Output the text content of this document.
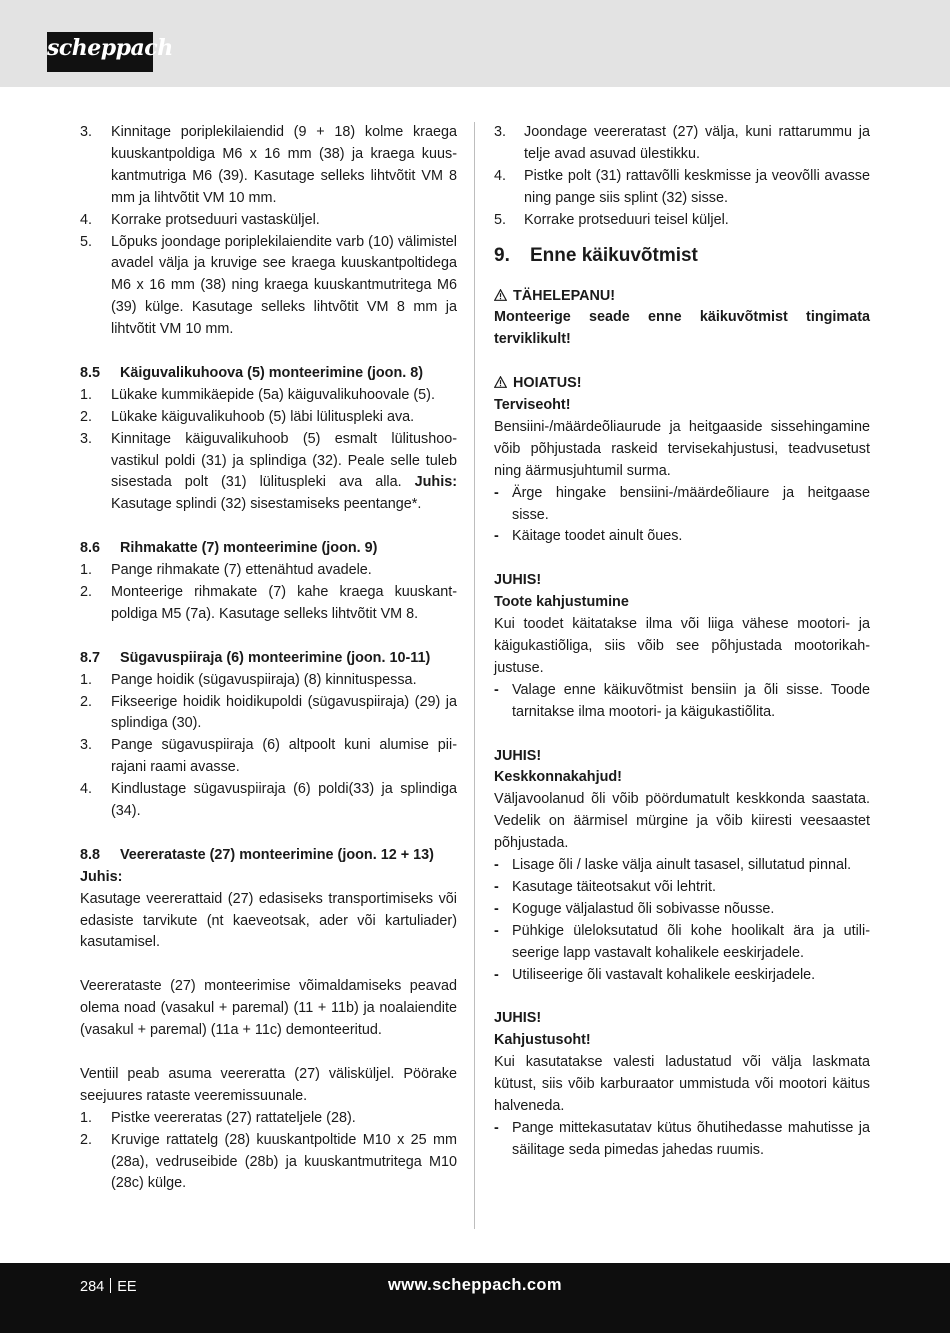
scheppach
3.	Kinnitage poriplekilaiendid (9 + 18) kolme kraega kuuskantpoldiga M6 x 16 mm (38) ja kraega kuuskantmutriga M6 (39). Kasutage selleks lihtvõtit VM 8 mm ja lihtvõtit VM 10 mm.
4.	Korrake protseduuri vastasküljel.
5.	Lõpuks joondage poriplekilaiendite varb (10) välimistel avadel välja ja kruvige see kraega kuuskantpoltidega M6 x 16 mm (38) ning kraega kuuskantmutritega M6 (39) külge. Kasutage selleks lihtvõtit VM 8 mm ja lihtvõtit VM 10 mm.
8.5	Käiguvalikuhoova (5) monteerimine (joon. 8)
1.	Lükake kummikäepide (5a) käiguvalikuhoovale (5).
2.	Lükake käiguvalikuhoob (5) läbi lülituspleki ava.
3.	Kinnitage käiguvalikuhoob (5) esmalt lülitushoovastikul poldi (31) ja splindiga (32). Peale selle tuleb sisestada polt (31) lülituspleki ava alla. Juhis: Kasutage splindi (32) sisestamiseks peentange*.
8.6	Rihmakatte (7) monteerimine (joon. 9)
1.	Pange rihmakate (7) ettenähtud avadele.
2.	Monteerige rihmakate (7) kahe kraega kuuskantpoldiga M5 (7a). Kasutage selleks lihtvõtit VM 8.
8.7	Sügavuspiiraja (6) monteerimine (joon. 10-11)
1.	Pange hoidik (sügavuspiiraja) (8) kinnituspessa.
2.	Fikseerige hoidik hoidikupoldi (sügavuspiiraja) (29) ja splindiga (30).
3.	Pange sügavuspiiraja (6) altpoolt kuni alumise piirajani raami avasse.
4.	Kindlustage sügavuspiiraja (6) poldi(33) ja splindiga (34).
8.8	Veererataste (27) monteerimine (joon. 12 + 13)
Juhis:

Kasutage veererattaid (27) edasiseks transportimiseks või edasiste tarvikute (nt kaeveotsak, ader või kartuliader) kasutamisel.

Veererataste (27) monteerimise võimaldamiseks peavad olema noad (vasakul + paremal) (11 + 11b) ja noalaiendite (vasakul + paremal) (11a + 11c) demonteeritud.

Ventiil peab asuma veereratta (27) välisküljel. Pöörake seejuures rataste veeremissuunale.

1.	Pistke veereratas (27) rattateljele (28).
2.	Kruvige rattatelg (28) kuuskantpoltide M10 x 25 mm (28a), vedruseibide (28b) ja kuuskantmutritega M10 (28c) külge.
3.	Joondage veereratast (27) välja, kuni rattarummu ja telje avad asuvad ülestikku.
4.	Pistke polt (31) rattavõlli keskmisse ja veovõlli avasse ning pange siis splint (32) sisse.
5.	Korrake protseduuri teisel küljel.
9.	Enne käikuvõtmist
TÄHELEPANU!

Monteerige seade enne käikuvõtmist tingimata terviklikult!

HOIATUS!
Terviseoht!

Bensiini-/määrdeõliaurude ja heitgaaside sissehingamine võib põhjustada raskeid tervisekahjustusi, teadvusetust ning äärmusjuhtumil surma.

- Ärge hingake bensiini-/määrdeõliaure ja heitgaase sisse.
- Käitage toodet ainult õues.
JUHIS!
Toote kahjustumine

Kui toodet käitatakse ilma või liiga vähese mootori- ja käigukastiõliga, siis võib see põhjustada mootorikahjustuse.

- Valage enne käikuvõtmist bensiin ja õli sisse. Toode tarnitakse ilma mootori- ja käigukastiõlita.
JUHIS!
Keskkonnakahjud!

Väljavoolanud õli võib pöördumatult keskkonda saastata. Vedelik on äärmisel mürgine ja võib kiiresti veesaastet põhjustada.

- Lisage õli / laske välja ainult tasasel, sillutatud pinnal.
- Kasutage täiteotsakut või lehtrit.
- Koguge väljalastud õli sobivasse nõusse.
- Pühkige üleloksutatud õli kohe hoolikalt ära ja utiliseerige lapp vastavalt kohalikele eeskirjadele.
- Utiliseerige õli vastavalt kohalikele eeskirjadele.
JUHIS!
Kahjustusoht!

Kui kasutatakse valesti ladustatud või välja laskmata kütust, siis võib karburaator ummistuda või mootori käitus halveneda.

- Pange mittekasutatav kütus õhutihedasse mahutisse ja säilitage seda pimedas jahedas ruumis.
284 EE	www.scheppach.com
